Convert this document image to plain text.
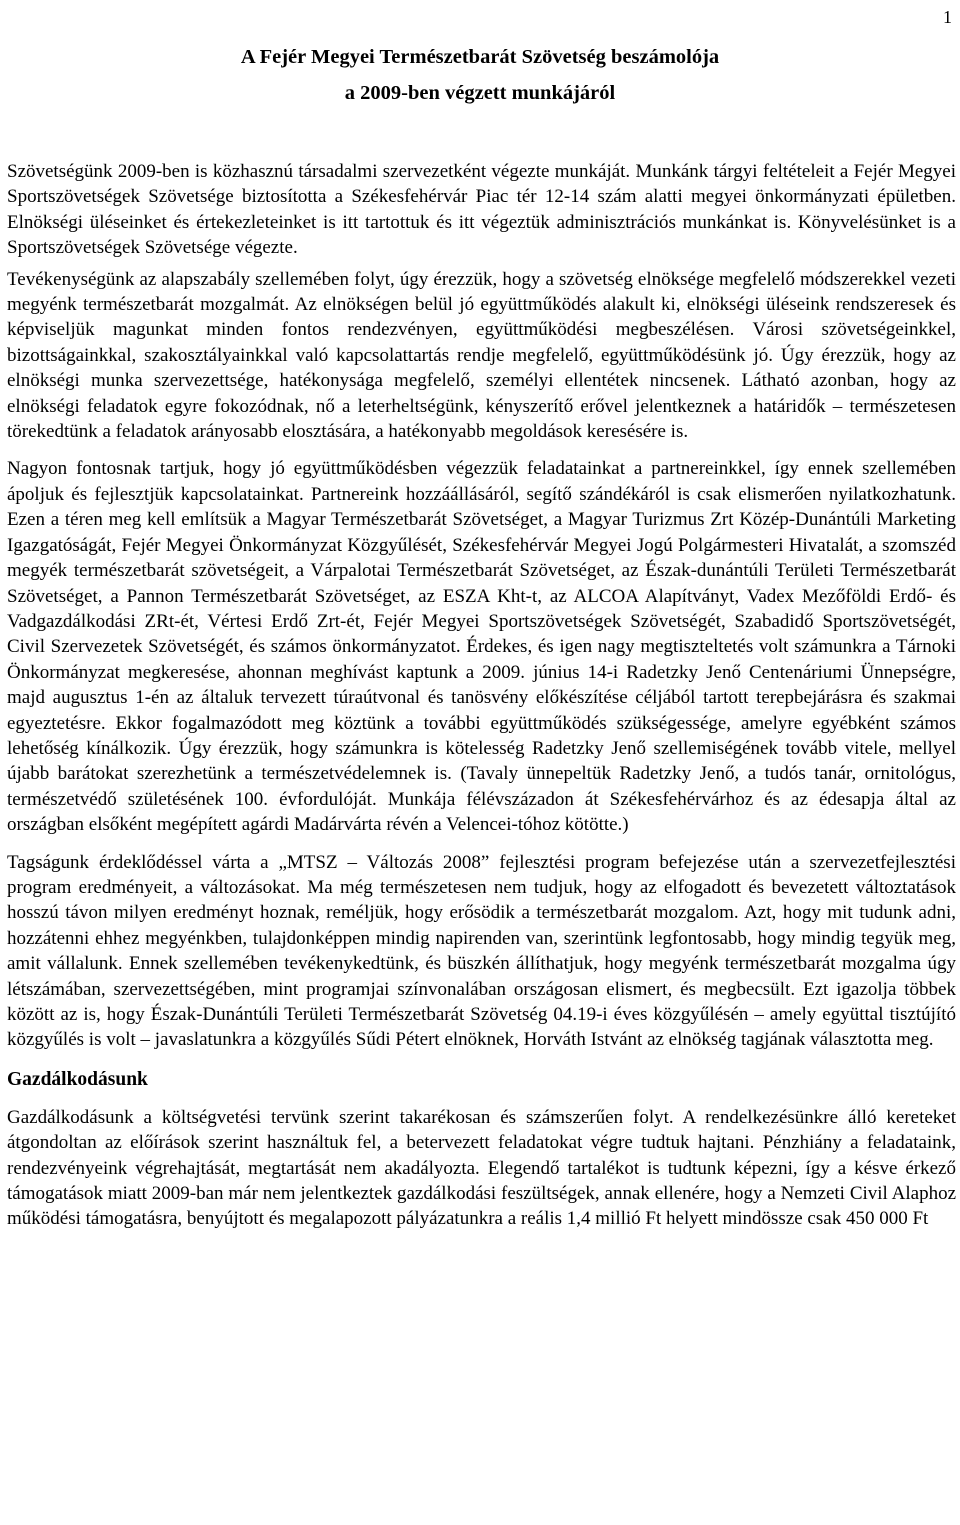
1
A Fejér Megyei Természetbarát Szövetség beszámolója
a 2009-ben végzett munkájáról

Szövetségünk 2009-ben is közhasznú társadalmi szervezetként végezte munkáját. Munkánk tárgyi feltételeit a Fejér Megyei Sportszövetségek Szövetsége biztosította a Székesfehérvár Piac tér 12-14 szám alatti megyei önkormányzati épületben. Elnökségi üléseinket és értekezleteinket is itt tartottuk és itt végeztük adminisztrációs munkánkat is. Könyvelésünket is a Sportszövetségek Szövetsége végezte.

Tevékenységünk az alapszabály szellemében folyt, úgy érezzük, hogy a szövetség elnöksége megfelelő módszerekkel vezeti megyénk természetbarát mozgalmát. Az elnökségen belül jó együttműködés alakult ki, elnökségi üléseink rendszeresek és képviseljük magunkat minden fontos rendezvényen, együttműködési megbeszélésen. Városi szövetségeinkkel, bizottságainkkal, szakosztályainkkal való kapcsolattartás rendje megfelelő, együttműködésünk jó. Úgy érezzük, hogy az elnökségi munka szervezettsége, hatékonysága megfelelő, személyi ellentétek nincsenek. Látható azonban, hogy az elnökségi feladatok egyre fokozódnak, nő a leterheltségünk, kényszerítő erővel jelentkeznek a határidők – természetesen törekedtünk a feladatok arányosabb elosztására, a hatékonyabb megoldások keresésére is.

Nagyon fontosnak tartjuk, hogy jó együttműködésben végezzük feladatainkat a partnereinkkel, így ennek szellemében ápoljuk és fejlesztjük kapcsolatainkat. Partnereink hozzáállásáról, segítő szándékáról is csak elismerően nyilatkozhatunk. Ezen a téren meg kell említsük a Magyar Természetbarát Szövetséget, a Magyar Turizmus Zrt Közép-Dunántúli Marketing Igazgatóságát, Fejér Megyei Önkormányzat Közgyűlését, Székesfehérvár Megyei Jogú Polgármesteri Hivatalát, a szomszéd megyék természetbarát szövetségeit, a Várpalotai Természetbarát Szövetséget, az Észak-dunántúli Területi Természetbarát Szövetséget, a Pannon Természetbarát Szövetséget, az ESZA Kht-t, az ALCOA Alapítványt, Vadex Mezőföldi Erdő- és Vadgazdálkodási ZRt-ét, Vértesi Erdő Zrt-ét, Fejér Megyei Sportszövetségek Szövetségét, Szabadidő Sportszövetségét, Civil Szervezetek Szövetségét, és számos önkormányzatot. Érdekes, és igen nagy megtiszteltetés volt számunkra a Tárnoki Önkormányzat megkeresése, ahonnan meghívást kaptunk a 2009. június 14-i Radetzky Jenő Centenáriumi Ünnepségre, majd augusztus 1-én az általuk tervezett túraútvonal és tanösvény előkészítése céljából tartott terepbejárásra és szakmai egyeztetésre. Ekkor fogalmazódott meg köztünk a további együttműködés szükségessége, amelyre egyébként számos lehetőség kínálkozik. Úgy érezzük, hogy számunkra is kötelesség Radetzky Jenő szellemiségének tovább vitele, mellyel újabb barátokat szerezhetünk a természetvédelemnek is. (Tavaly ünnepeltük Radetzky Jenő, a tudós tanár, ornitológus, természetvédő születésének 100. évfordulóját. Munkája félévszázadon át Székesfehérvárhoz és az édesapja által az országban elsőként megépített agárdi Madárvárta révén a Velencei-tóhoz kötötte.)

Tagságunk érdeklődéssel várta a „MTSZ – Változás 2008” fejlesztési program befejezése után a szervezetfejlesztési program eredményeit, a változásokat. Ma még természetesen nem tudjuk, hogy az elfogadott és bevezetett változtatások hosszú távon milyen eredményt hoznak, reméljük, hogy erősödik a természetbarát mozgalom. Azt, hogy mit tudunk adni, hozzátenni ehhez megyénkben, tulajdonképpen mindig napirenden van, szerintünk legfontosabb, hogy mindig tegyük meg, amit vállalunk. Ennek szellemében tevékenykedtünk, és büszkén állíthatjuk, hogy megyénk természetbarát mozgalma úgy létszámában, szervezettségében, mint programjai színvonalában országosan elismert, és megbecsült. Ezt igazolja többek között az is, hogy Észak-Dunántúli Területi Természetbarát Szövetség 04.19-i éves közgyűlésén – amely együttal tisztújító közgyűlés is volt – javaslatunkra a közgyűlés Sűdi Pétert elnöknek, Horváth Istvánt az elnökség tagjának választotta meg.

Gazdálkodásunk

Gazdálkodásunk a költségvetési tervünk szerint takarékosan és számszerűen folyt. A rendelkezésünkre álló kereteket átgondoltan az előírások szerint használtuk fel, a betervezett feladatokat végre tudtuk hajtani. Pénzhiány a feladataink, rendezvényeink végrehajtását, megtartását nem akadályozta. Elegendő tartalékot is tudtunk képezni, így a késve érkező támogatások miatt 2009-ban már nem jelentkeztek gazdálkodási feszültségek, annak ellenére, hogy a Nemzeti Civil Alaphoz működési támogatásra, benyújtott és megalapozott pályázatunkra a reális 1,4 millió Ft helyett mindössze csak 450 000 Ft
